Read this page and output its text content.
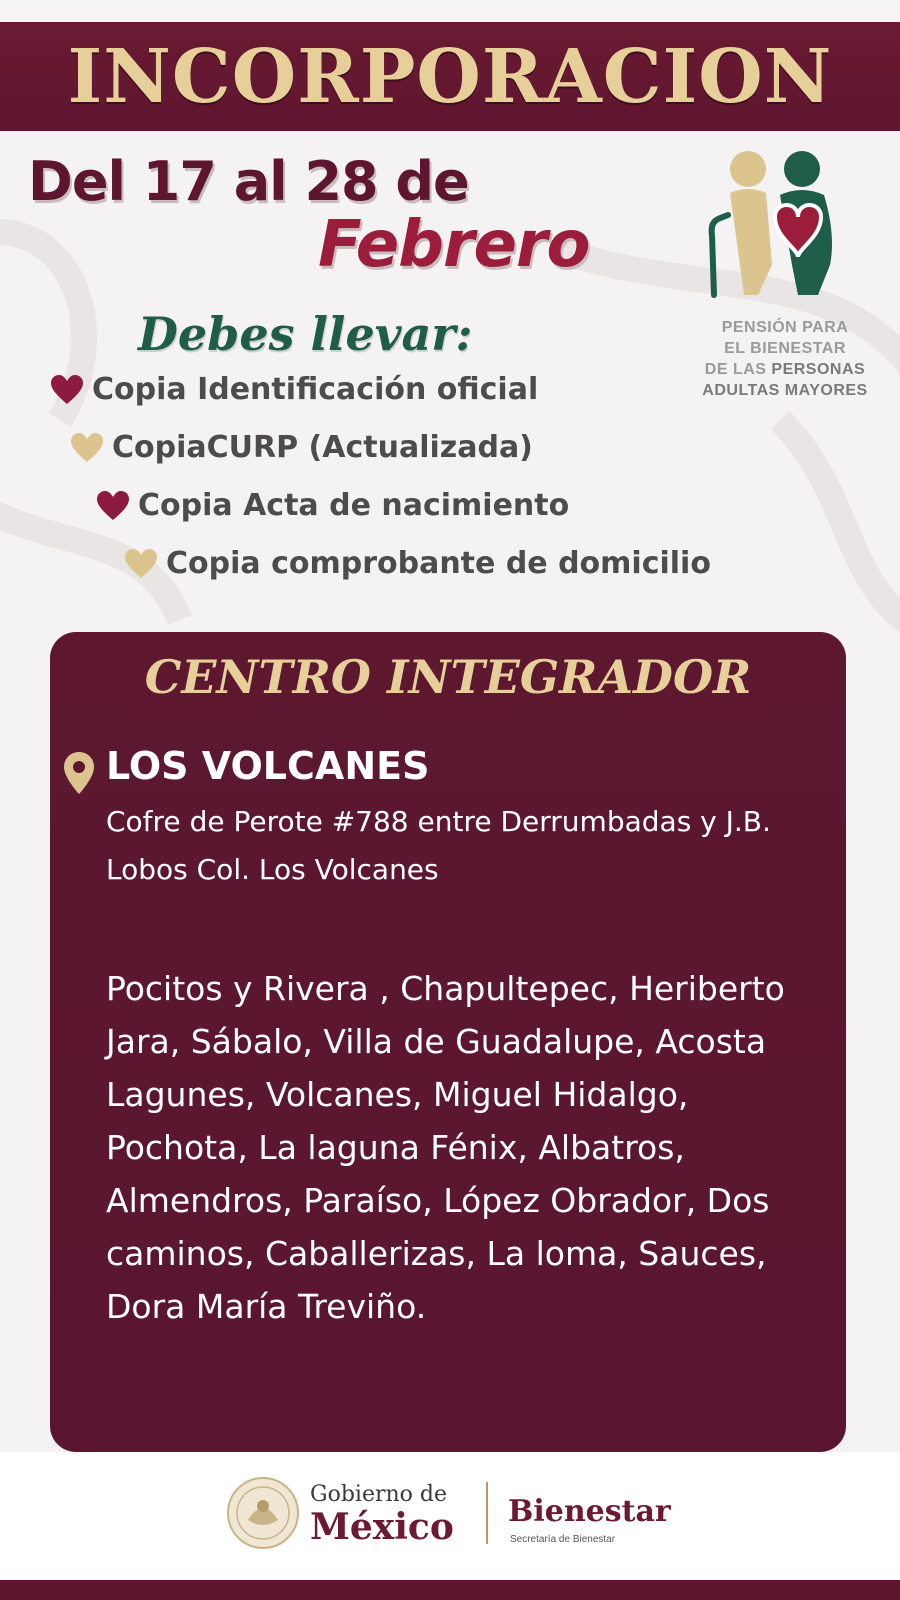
INCORPORACION
Del 17 al 28 de
Febrero
PENSIÓN PARA
EL BIENESTAR
DE LAS PERSONAS
ADULTAS MAYORES
Debes llevar:
Copia Identificación oficial
CopiaCURP (Actualizada)
Copia Acta de nacimiento
Copia comprobante de domicilio
CENTRO INTEGRADOR
LOS VOLCANES
Cofre de Perote #788 entre Derrumbadas y J.B. Lobos Col. Los Volcanes
Pocitos y Rivera , Chapultepec, Heriberto Jara, Sábalo, Villa de Guadalupe, Acosta Lagunes, Volcanes, Miguel Hidalgo, Pochota, La laguna Fénix, Albatros, Almendros, Paraíso, López Obrador, Dos caminos, Caballerizas, La loma, Sauces, Dora María Treviño.
Gobierno de
México Bienestar
Secretaría de Bienestar
